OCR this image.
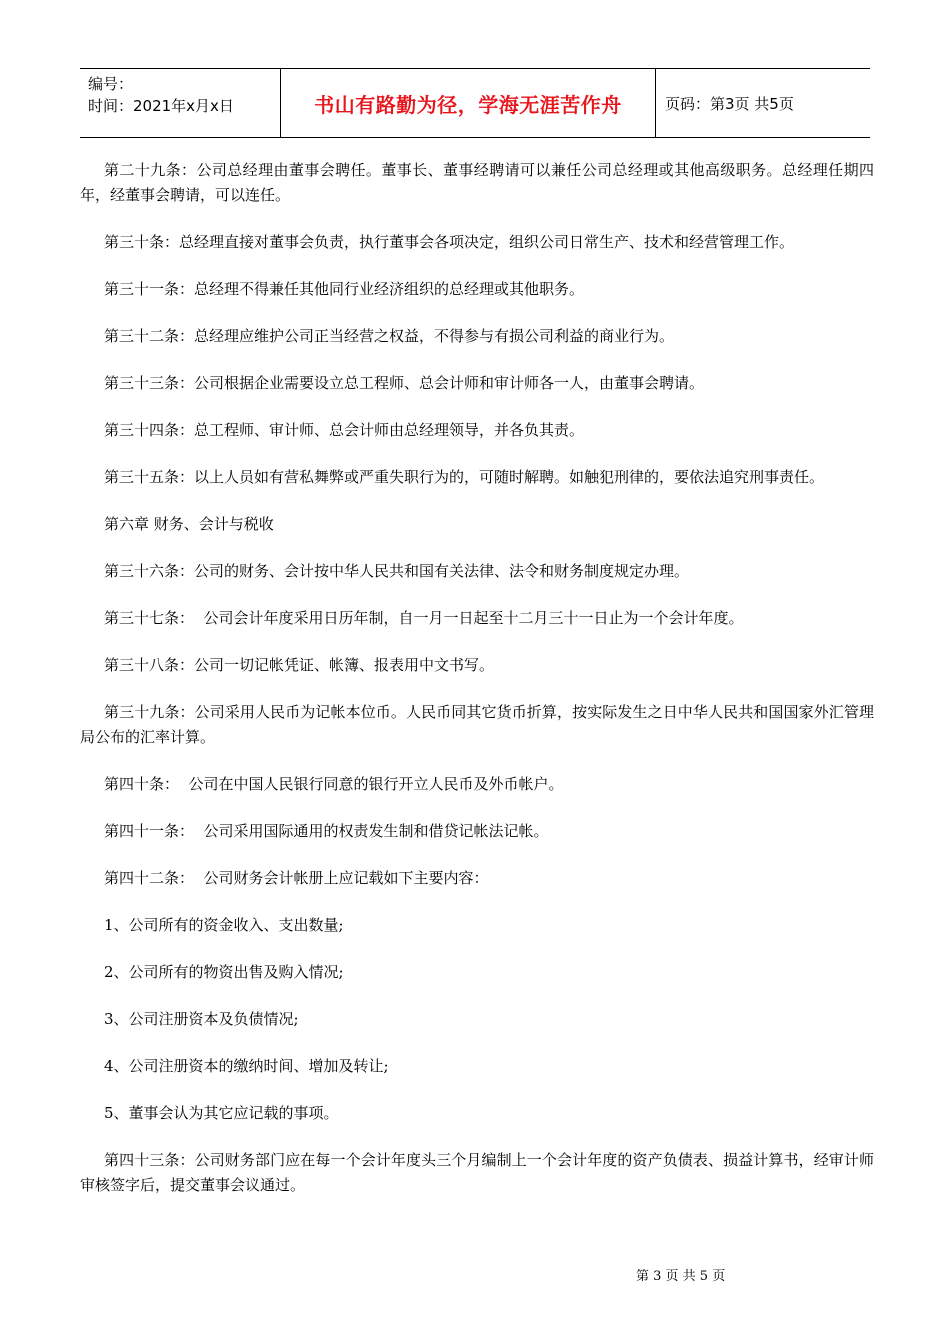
编号：
时间：2021年x月x日	书山有路勤为径，学海无涯苦作舟	页码：第3页 共5页

第二十九条：公司总经理由董事会聘任。董事长、董事经聘请可以兼任公司总经理或其他高级职务。总经理任期四年，经董事会聘请，可以连任。

第三十条：总经理直接对董事会负责，执行董事会各项决定，组织公司日常生产、技术和经营管理工作。

第三十一条：总经理不得兼任其他同行业经济组织的总经理或其他职务。

第三十二条：总经理应维护公司正当经营之权益，不得参与有损公司利益的商业行为。

第三十三条：公司根据企业需要设立总工程师、总会计师和审计师各一人，由董事会聘请。

第三十四条：总工程师、审计师、总会计师由总经理领导，并各负其责。

第三十五条：以上人员如有营私舞弊或严重失职行为的，可随时解聘。如触犯刑律的，要依法追究刑事责任。

第六章 财务、会计与税收

第三十六条：公司的财务、会计按中华人民共和国有关法律、法令和财务制度规定办理。

第三十七条：  公司会计年度采用日历年制，自一月一日起至十二月三十一日止为一个会计年度。

第三十八条：公司一切记帐凭证、帐簿、报表用中文书写。

第三十九条：公司采用人民币为记帐本位币。人民币同其它货币折算，按实际发生之日中华人民共和国国家外汇管理局公布的汇率计算。

第四十条：  公司在中国人民银行同意的银行开立人民币及外币帐户。

第四十一条：  公司采用国际通用的权责发生制和借贷记帐法记帐。

第四十二条：  公司财务会计帐册上应记载如下主要内容：

1、公司所有的资金收入、支出数量;

2、公司所有的物资出售及购入情况;

3、公司注册资本及负债情况;

4、公司注册资本的缴纳时间、增加及转让;

5、董事会认为其它应记载的事项。

第四十三条：公司财务部门应在每一个会计年度头三个月编制上一个会计年度的资产负债表、损益计算书，经审计师审核签字后，提交董事会议通过。

第 3 页 共 5 页
